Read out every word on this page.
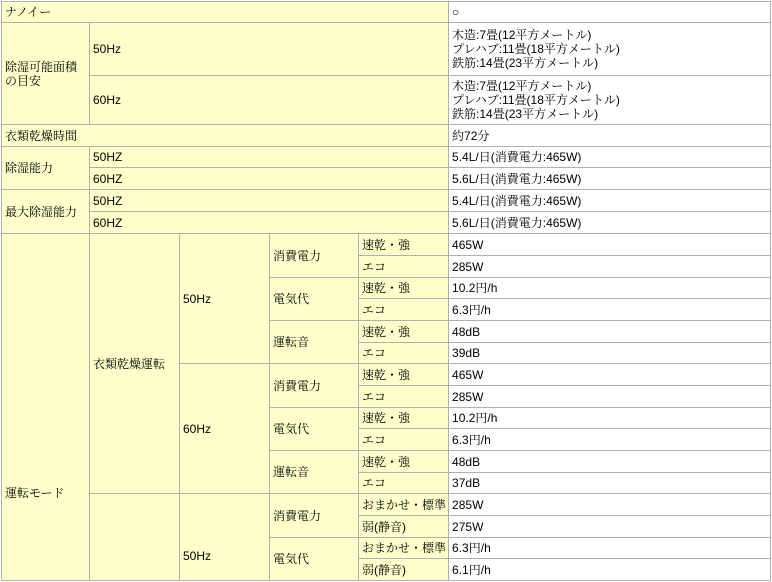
ナノイー					○

除湿可能面積の目安	50Hz				木造:7畳(12平方メートル)
プレハブ:11畳(18平方メートル)
鉄筋:14畳(23平方メートル)

	60Hz				木造:7畳(12平方メートル)
プレハブ:11畳(18平方メートル)
鉄筋:14畳(23平方メートル)

衣類乾燥時間					約72分
除湿能力	50HZ				5.4L/日(消費電力:465W)
	60HZ				5.6L/日(消費電力:465W)
最大除湿能力	50HZ				5.4L/日(消費電力:465W)
	60HZ				5.6L/日(消費電力:465W)
運転モード	衣類乾燥運転	50Hz	消費電力	速乾・強	465W
				エコ	285W
			電気代	速乾・強	10.2円/h
				エコ	6.3円/h
			運転音	速乾・強	48dB
				エコ	39dB
		60Hz	消費電力	速乾・強	465W
				エコ	285W
			電気代	速乾・強	10.2円/h
				エコ	6.3円/h
			運転音	速乾・強	48dB
				エコ	37dB
		50Hz	消費電力	おまかせ・標準	285W
				弱(静音)	275W
			電気代	おまかせ・標準	6.3円/h
				弱(静音)	6.1円/h
